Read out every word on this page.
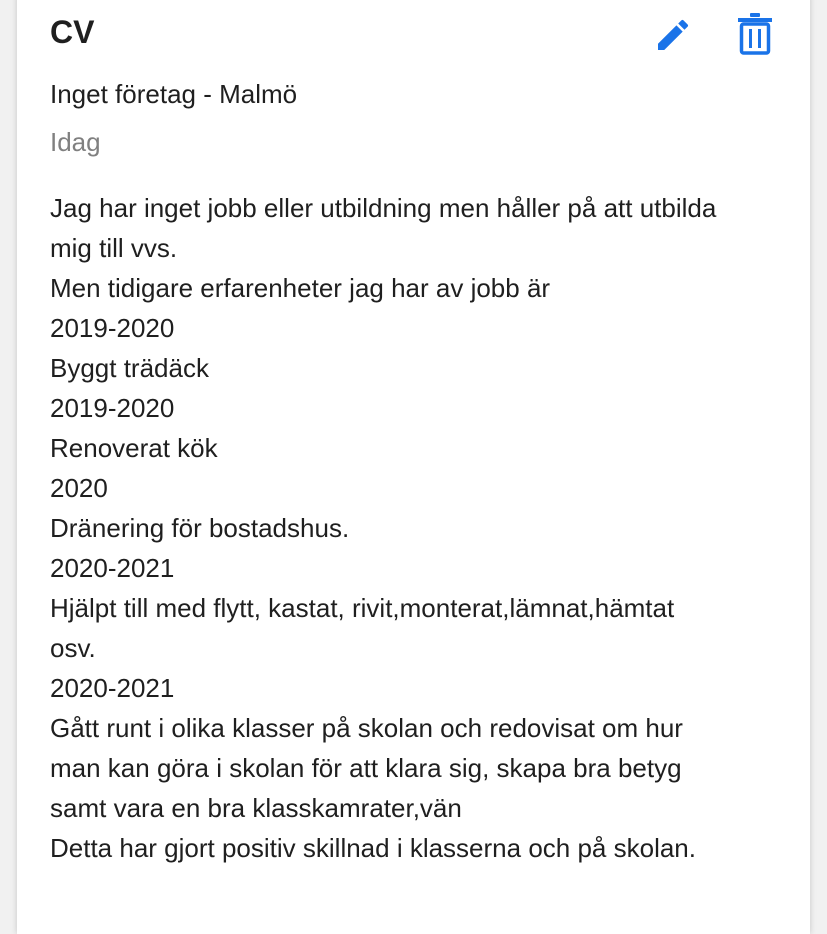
CV
Inget företag - Malmö
Idag
Jag har inget jobb eller utbildning men håller på att utbilda
mig till vvs.
Men tidigare erfarenheter jag har av jobb är
2019-2020
Byggt trädäck
2019-2020
Renoverat kök
2020
Dränering för bostadshus.
2020-2021
Hjälpt till med flytt, kastat, rivit,monterat,lämnat,hämtat
osv.
2020-2021
Gått runt i olika klasser på skolan och redovisat om hur
man kan göra i skolan för att klara sig, skapa bra betyg
samt vara en bra klasskamrater,vän
Detta har gjort positiv skillnad i klasserna och på skolan.
